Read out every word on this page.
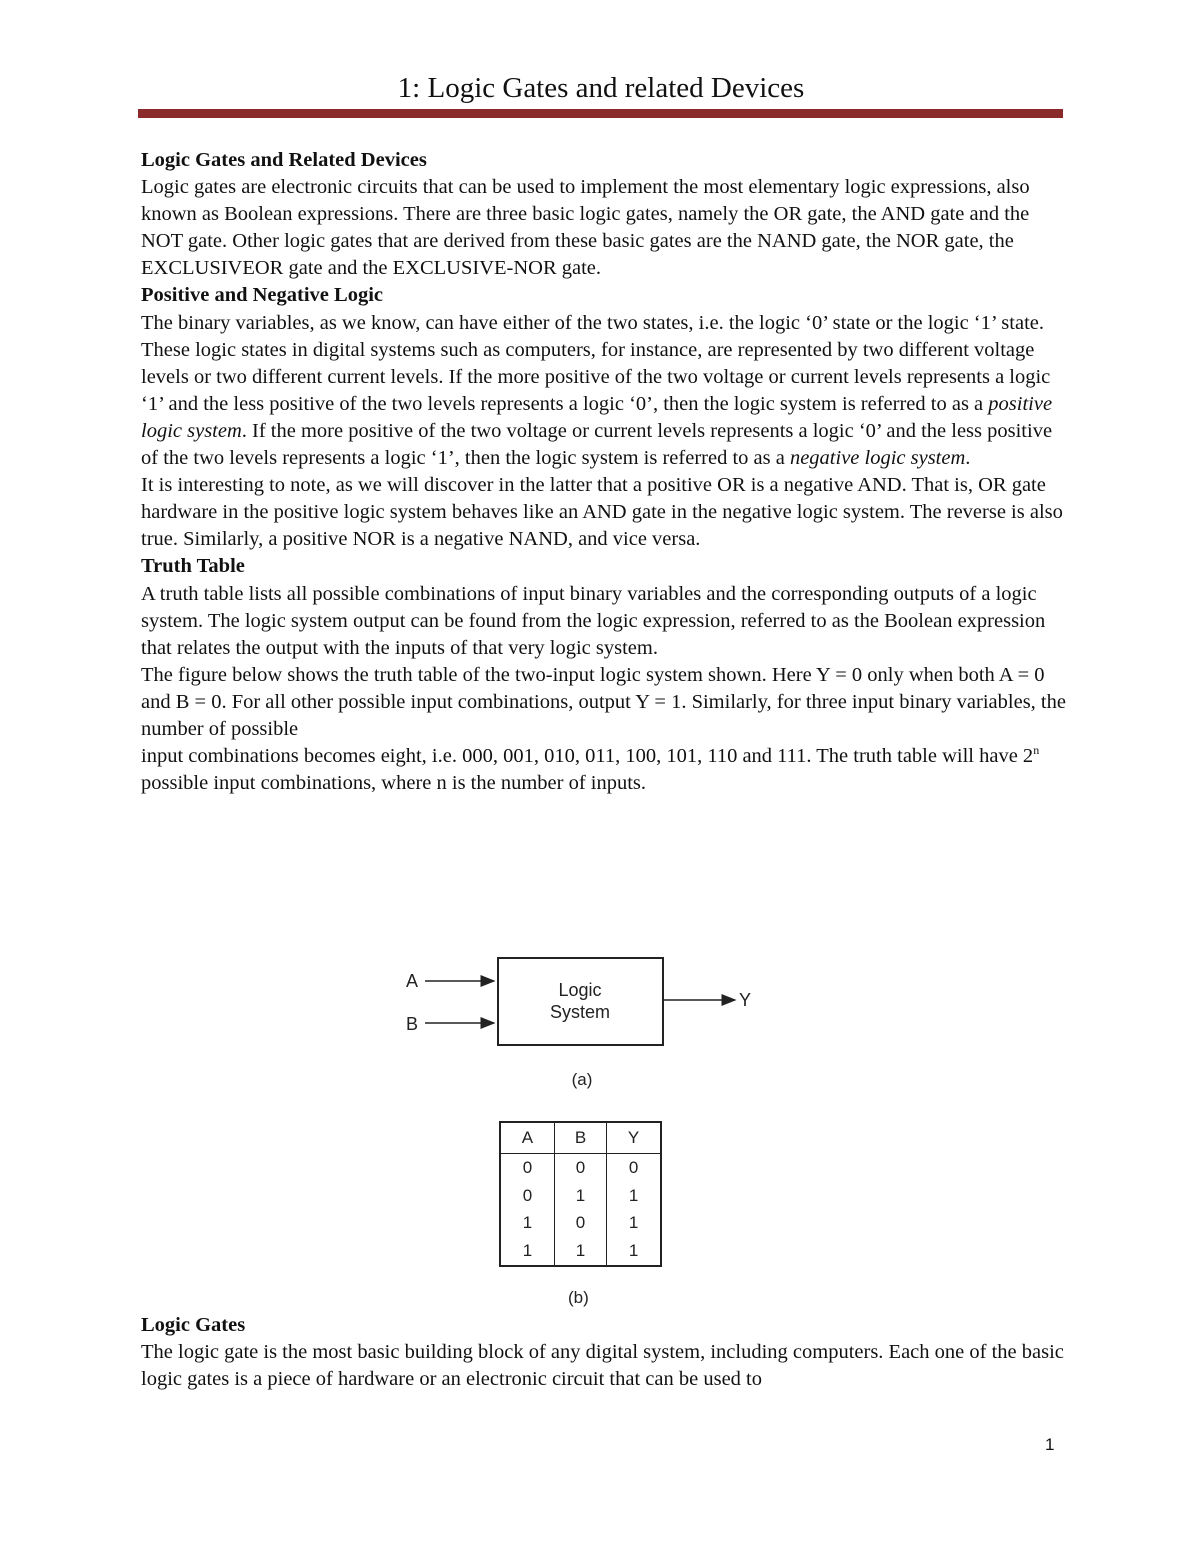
1: Logic Gates and related Devices
Logic Gates and Related Devices

Logic gates are electronic circuits that can be used to implement the most elementary logic expressions, also known as Boolean expressions. There are three basic logic gates, namely the OR gate, the AND gate and the NOT gate. Other logic gates that are derived from these basic gates are the NAND gate, the NOR gate, the EXCLUSIVEOR gate and the EXCLUSIVE-NOR gate.

Positive and Negative Logic

The binary variables, as we know, can have either of the two states, i.e. the logic ‘0’ state or the logic ‘1’ state. These logic states in digital systems such as computers, for instance, are represented by two different voltage levels or two different current levels. If the more positive of the two voltage or current levels represents a logic ‘1’ and the less positive of the two levels represents a logic ‘0’, then the logic system is referred to as a positive logic system. If the more positive of the two voltage or current levels represents a logic ‘0’ and the less positive of the two levels represents a logic ‘1’, then the logic system is referred to as a negative logic system.

It is interesting to note, as we will discover in the latter that a positive OR is a negative AND. That is, OR gate hardware in the positive logic system behaves like an AND gate in the negative logic system. The reverse is also true. Similarly, a positive NOR is a negative NAND, and vice versa.

Truth Table

A truth table lists all possible combinations of input binary variables and the corresponding outputs of a logic system. The logic system output can be found from the logic expression, referred to as the Boolean expression that relates the output with the inputs of that very logic system.

The figure below shows the truth table of the two-input logic system shown. Here Y = 0 only when both A = 0 and B = 0. For all other possible input combinations, output Y = 1. Similarly, for three input binary variables, the number of possible

input combinations becomes eight, i.e. 000, 001, 010, 011, 100, 101, 110 and 111. The truth table will have 2$^n$ possible input combinations, where n is the number of inputs.

A
B
Logic
System
Y
(a)
A	B	Y
0	0	0
0	1	1
1	0	1
1	1	1
(b)
Logic Gates

The logic gate is the most basic building block of any digital system, including computers. Each one of the basic logic gates is a piece of hardware or an electronic circuit that can be used to

1
